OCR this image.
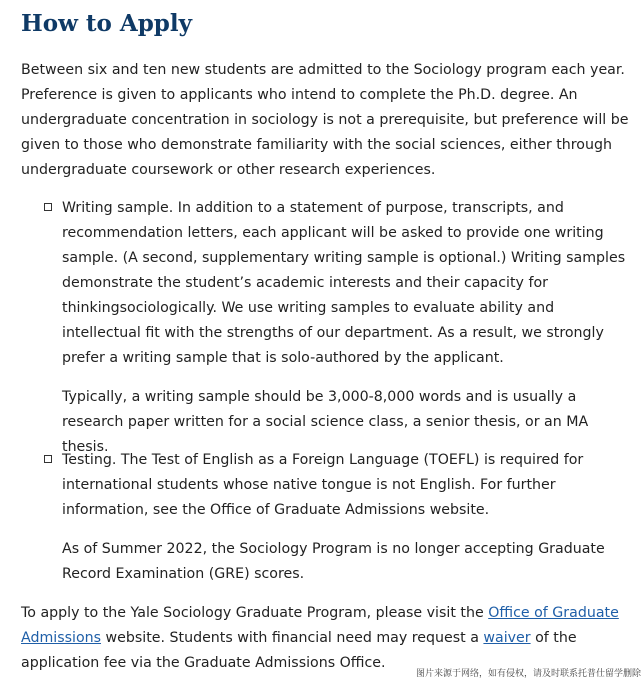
How to Apply

Between six and ten new students are admitted to the Sociology program each year. Preference is given to applicants who intend to complete the Ph.D. degree. An undergraduate concentration in sociology is not a prerequisite, but preference will be given to those who demonstrate familiarity with the social sciences, either through undergraduate coursework or other research experiences.

Writing sample. In addition to a statement of purpose, transcripts, and recommendation letters, each applicant will be asked to provide one writing sample. (A second, supplementary writing sample is optional.) Writing samples demonstrate the student’s academic interests and their capacity for thinkingsociologically. We use writing samples to evaluate ability and intellectual fit with the strengths of our department. As a result, we strongly prefer a writing sample that is solo-authored by the applicant.

Typically, a writing sample should be 3,000-8,000 words and is usually a research paper written for a social science class, a senior thesis, or an MA thesis.

Testing. The Test of English as a Foreign Language (TOEFL) is required for international students whose native tongue is not English. For further information, see the Office of Graduate Admissions website.

As of Summer 2022, the Sociology Program is no longer accepting Graduate Record Examination (GRE) scores.

To apply to the Yale Sociology Graduate Program, please visit the Office of Graduate Admissions website. Students with financial need may request a waiver of the application fee via the Graduate Admissions Office.

图片来源于网络，如有侵权，请及时联系托普仕留学删除
